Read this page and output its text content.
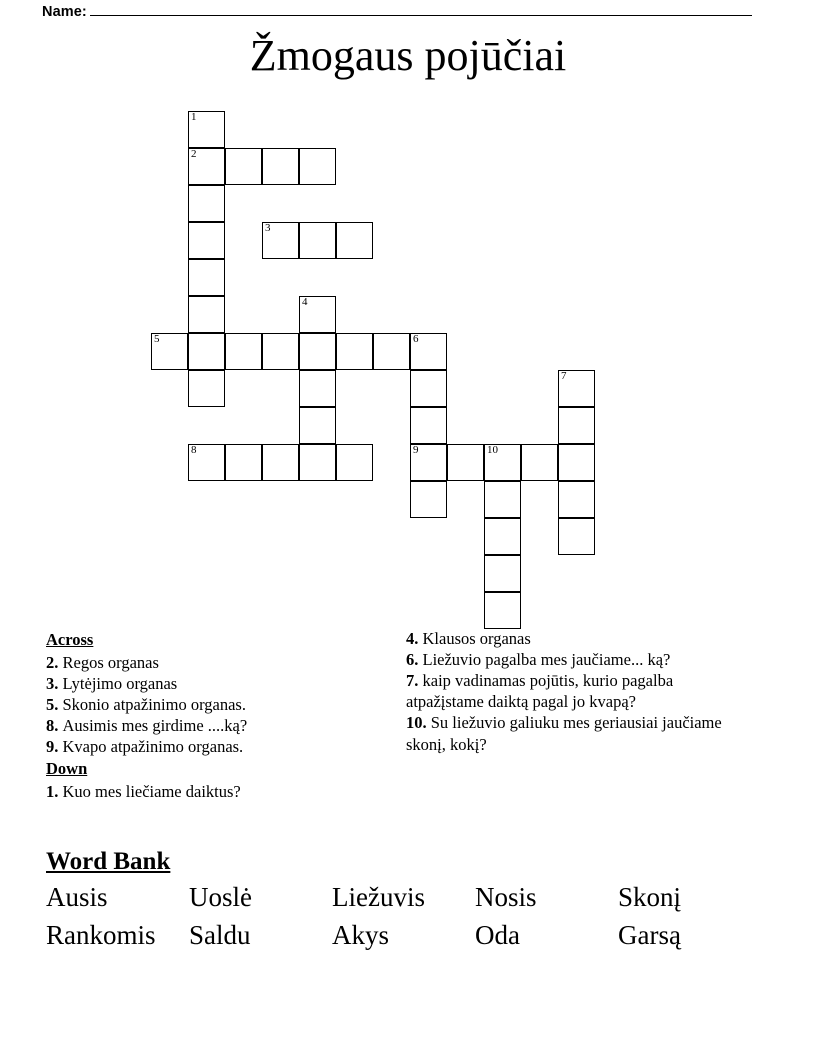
Name:
Žmogaus pojūčiai
1
2
3
4
5	6
9
7
8	10
Across
2. Regos organas
3. Lytėjimo organas
5. Skonio atpažinimo organas.
8. Ausimis mes girdime ....ką?
9. Kvapo atpažinimo organas.
Down
1. Kuo mes liečiame daiktus?
4. Klausos organas
6. Liežuvio pagalba mes jaučiame... ką?
7. kaip vadinamas pojūtis, kurio pagalba atpažįstame daiktą pagal jo kvapą?
10. Su liežuvio galiuku mes geriausiai jaučiame skonį, kokį?
Word Bank
Ausis	Uoslė	Liežuvis	Nosis	Skonį
Rankomis	Saldu	Akys	Oda	Garsą
